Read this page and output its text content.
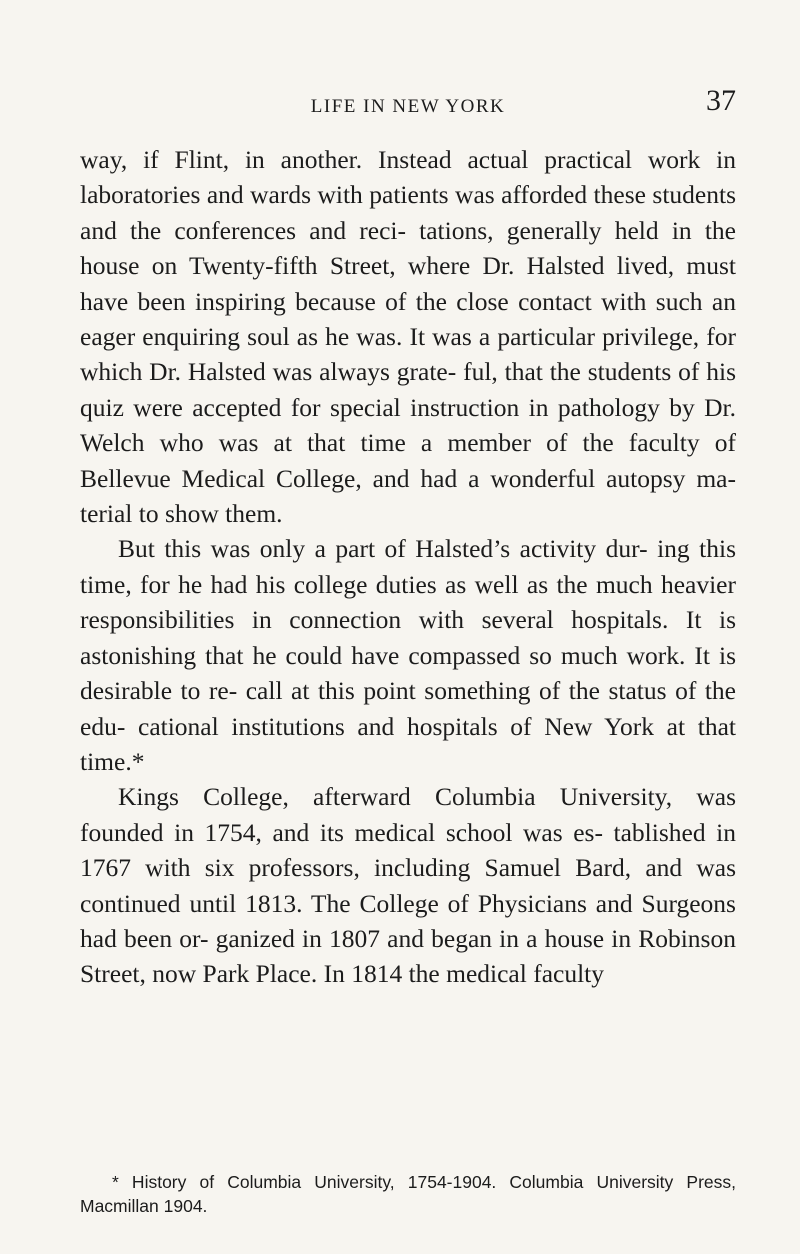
LIFE IN NEW YORK	37

way, if Flint, in another. Instead actual practical work in laboratories and wards with patients was afforded these students and the conferences and reci- tations, generally held in the house on Twenty-fifth Street, where Dr. Halsted lived, must have been inspiring because of the close contact with such an eager enquiring soul as he was. It was a particular privilege, for which Dr. Halsted was always grate- ful, that the students of his quiz were accepted for special instruction in pathology by Dr. Welch who was at that time a member of the faculty of Bellevue Medical College, and had a wonderful autopsy ma- terial to show them.

But this was only a part of Halsted’s activity dur- ing this time, for he had his college duties as well as the much heavier responsibilities in connection with several hospitals. It is astonishing that he could have compassed so much work. It is desirable to re- call at this point something of the status of the edu- cational institutions and hospitals of New York at that time.*

Kings College, afterward Columbia University, was founded in 1754, and its medical school was es- tablished in 1767 with six professors, including Samuel Bard, and was continued until 1813. The College of Physicians and Surgeons had been or- ganized in 1807 and began in a house in Robinson Street, now Park Place. In 1814 the medical faculty

* History of Columbia University, 1754-1904. Columbia University Press, Macmillan 1904.
